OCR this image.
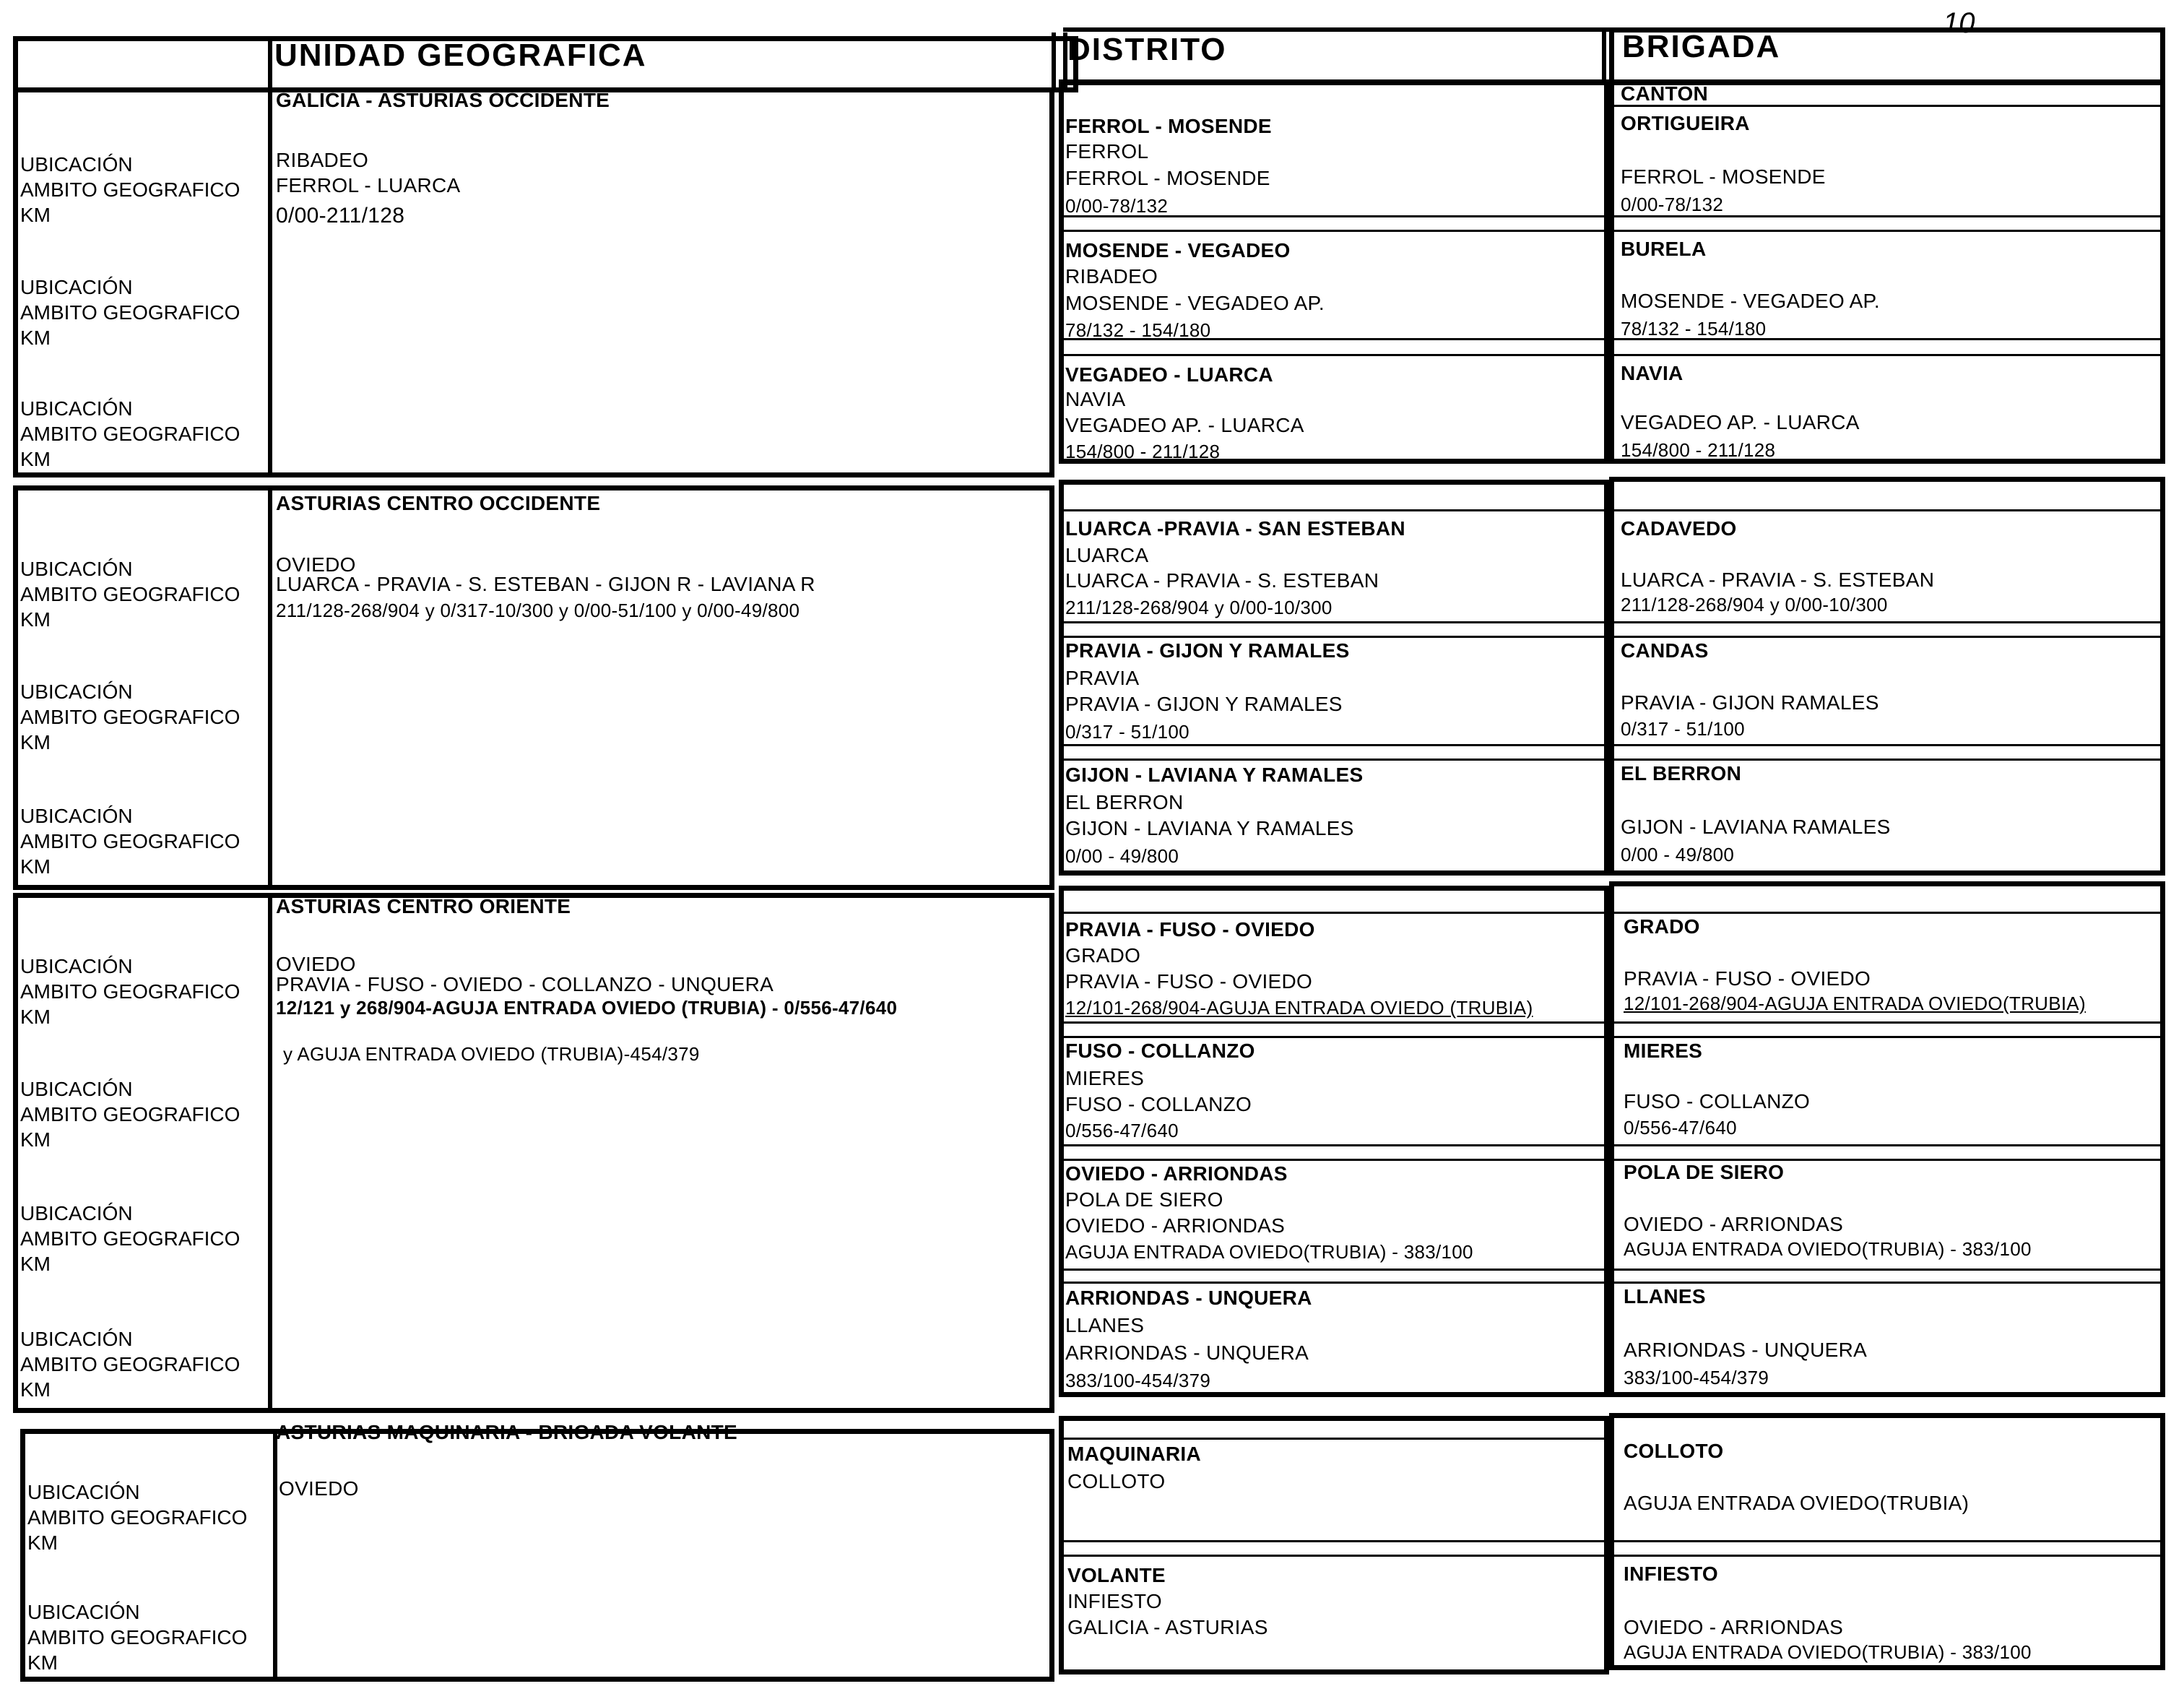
UNIDAD GEOGRAFICA	DISTRITO	BRIGADA
10
UBICACIÓN
AMBITO GEOGRAFICO
KM
UBICACIÓN
AMBITO GEOGRAFICO
KM
UBICACIÓN
AMBITO GEOGRAFICO
KM
GALICIA - ASTURIAS OCCIDENTE
RIBADEO
FERROL - LUARCA
0/00-211/128
FERROL - MOSENDE
FERROL
FERROL - MOSENDE
0/00-78/132
MOSENDE - VEGADEO
RIBADEO
MOSENDE - VEGADEO AP.
78/132 - 154/180
VEGADEO - LUARCA
NAVIA
VEGADEO AP. - LUARCA
154/800 - 211/128
CANTON
ORTIGUEIRA
FERROL - MOSENDE
0/00-78/132
BURELA
MOSENDE - VEGADEO AP.
78/132 - 154/180
NAVIA
VEGADEO AP. - LUARCA
154/800 - 211/128
UBICACIÓN
AMBITO GEOGRAFICO
KM
UBICACIÓN
AMBITO GEOGRAFICO
KM
UBICACIÓN
AMBITO GEOGRAFICO
KM
ASTURIAS CENTRO OCCIDENTE
OVIEDO
LUARCA - PRAVIA - S. ESTEBAN - GIJON R - LAVIANA R
211/128-268/904 y 0/317-10/300 y 0/00-51/100 y 0/00-49/800
LUARCA -PRAVIA - SAN ESTEBAN
LUARCA
LUARCA - PRAVIA - S. ESTEBAN
211/128-268/904 y 0/00-10/300
PRAVIA - GIJON Y RAMALES
PRAVIA
PRAVIA - GIJON Y RAMALES
0/317 - 51/100
GIJON - LAVIANA Y RAMALES
EL BERRON
GIJON - LAVIANA Y RAMALES
0/00 - 49/800
CADAVEDO
LUARCA - PRAVIA - S. ESTEBAN
211/128-268/904 y 0/00-10/300
CANDAS
PRAVIA - GIJON RAMALES
0/317 - 51/100
EL BERRON
GIJON - LAVIANA RAMALES
0/00 - 49/800
UBICACIÓN
AMBITO GEOGRAFICO
KM
UBICACIÓN
AMBITO GEOGRAFICO
KM
UBICACIÓN
AMBITO GEOGRAFICO
KM
UBICACIÓN
AMBITO GEOGRAFICO
KM
ASTURIAS CENTRO ORIENTE
OVIEDO
PRAVIA - FUSO - OVIEDO - COLLANZO - UNQUERA
12/121 y 268/904-AGUJA ENTRADA OVIEDO (TRUBIA) - 0/556-47/640
y AGUJA ENTRADA OVIEDO (TRUBIA)-454/379
PRAVIA - FUSO - OVIEDO
GRADO
PRAVIA - FUSO - OVIEDO
12/101-268/904-AGUJA ENTRADA OVIEDO (TRUBIA)
FUSO - COLLANZO
MIERES
FUSO - COLLANZO
0/556-47/640
OVIEDO - ARRIONDAS
POLA DE SIERO
OVIEDO - ARRIONDAS
AGUJA ENTRADA OVIEDO(TRUBIA) - 383/100
ARRIONDAS - UNQUERA
LLANES
ARRIONDAS - UNQUERA
383/100-454/379
GRADO
PRAVIA - FUSO - OVIEDO
12/101-268/904-AGUJA ENTRADA OVIEDO(TRUBIA)
MIERES
FUSO - COLLANZO
0/556-47/640
POLA DE SIERO
OVIEDO - ARRIONDAS
AGUJA ENTRADA OVIEDO(TRUBIA) - 383/100
LLANES
ARRIONDAS - UNQUERA
383/100-454/379
UBICACIÓN
AMBITO GEOGRAFICO
KM
UBICACIÓN
AMBITO GEOGRAFICO
KM
ASTURIAS MAQUINARIA - BRIGADA VOLANTE
OVIEDO
MAQUINARIA
COLLOTO
VOLANTE
INFIESTO
GALICIA - ASTURIAS
COLLOTO
AGUJA ENTRADA OVIEDO(TRUBIA)
INFIESTO
OVIEDO - ARRIONDAS
AGUJA ENTRADA OVIEDO(TRUBIA) - 383/100
